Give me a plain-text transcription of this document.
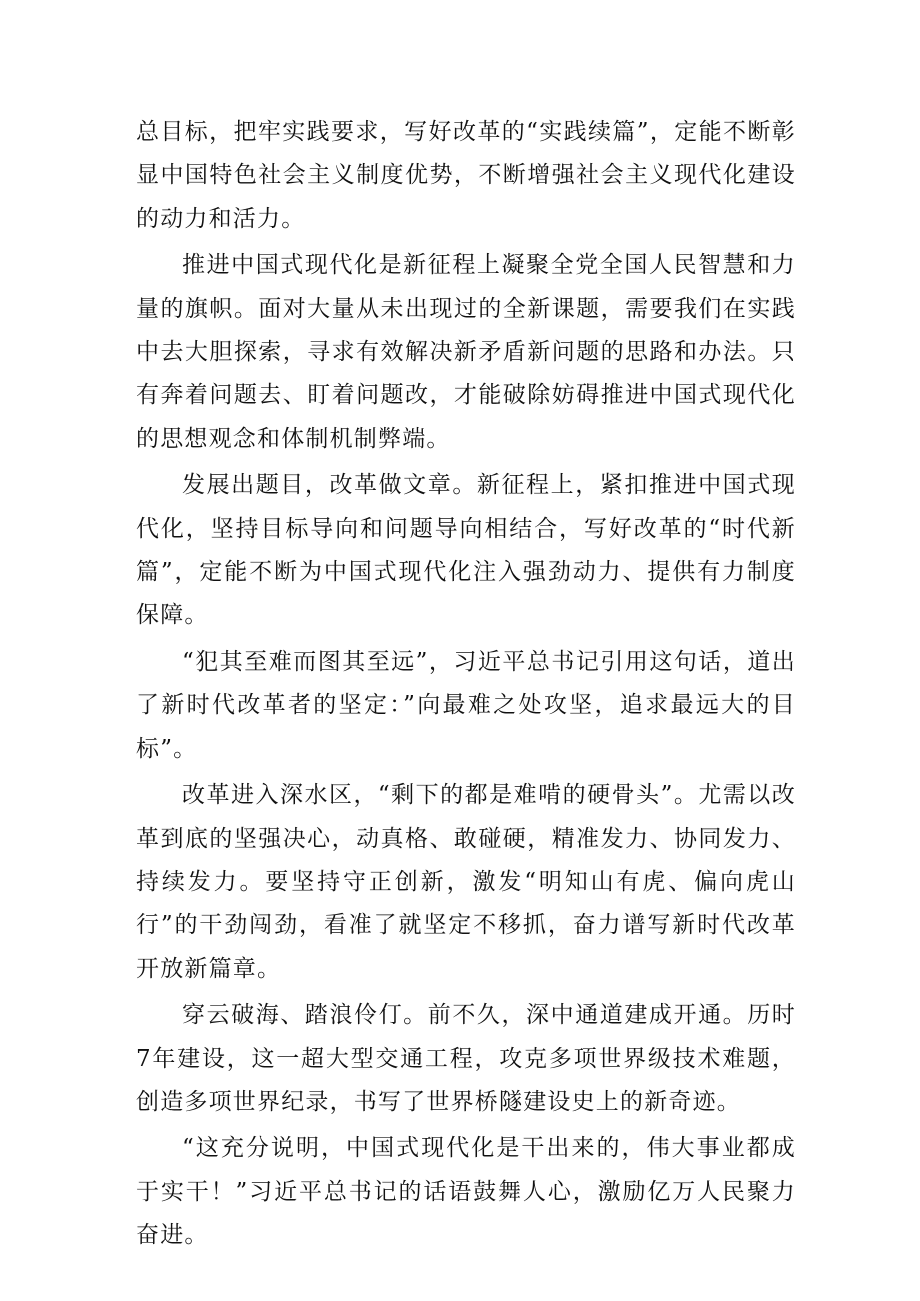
总目标，把牢实践要求，写好改革的“实践续篇”，定能不断彰显中国特色社会主义制度优势，不断增强社会主义现代化建设的动力和活力。

推进中国式现代化是新征程上凝聚全党全国人民智慧和力量的旗帜。面对大量从未出现过的全新课题，需要我们在实践中去大胆探索，寻求有效解决新矛盾新问题的思路和办法。只有奔着问题去、盯着问题改，才能破除妨碍推进中国式现代化的思想观念和体制机制弊端。

发展出题目，改革做文章。新征程上，紧扣推进中国式现代化，坚持目标导向和问题导向相结合，写好改革的“时代新篇”，定能不断为中国式现代化注入强劲动力、提供有力制度保障。

“犯其至难而图其至远”，习近平总书记引用这句话，道出了新时代改革者的坚定：”向最难之处攻坚，追求最远大的目标”。

改革进入深水区，“剩下的都是难啃的硬骨头”。尤需以改革到底的坚强决心，动真格、敢碰硬，精准发力、协同发力、持续发力。要坚持守正创新，激发“明知山有虎、偏向虎山行”的干劲闯劲，看准了就坚定不移抓，奋力谱写新时代改革开放新篇章。

穿云破海、踏浪伶仃。前不久，深中通道建成开通。历时7年建设，这一超大型交通工程，攻克多项世界级技术难题，创造多项世界纪录，书写了世界桥隧建设史上的新奇迹。

“这充分说明，中国式现代化是干出来的，伟大事业都成于实干！”习近平总书记的话语鼓舞人心，激励亿万人民聚力奋进。
